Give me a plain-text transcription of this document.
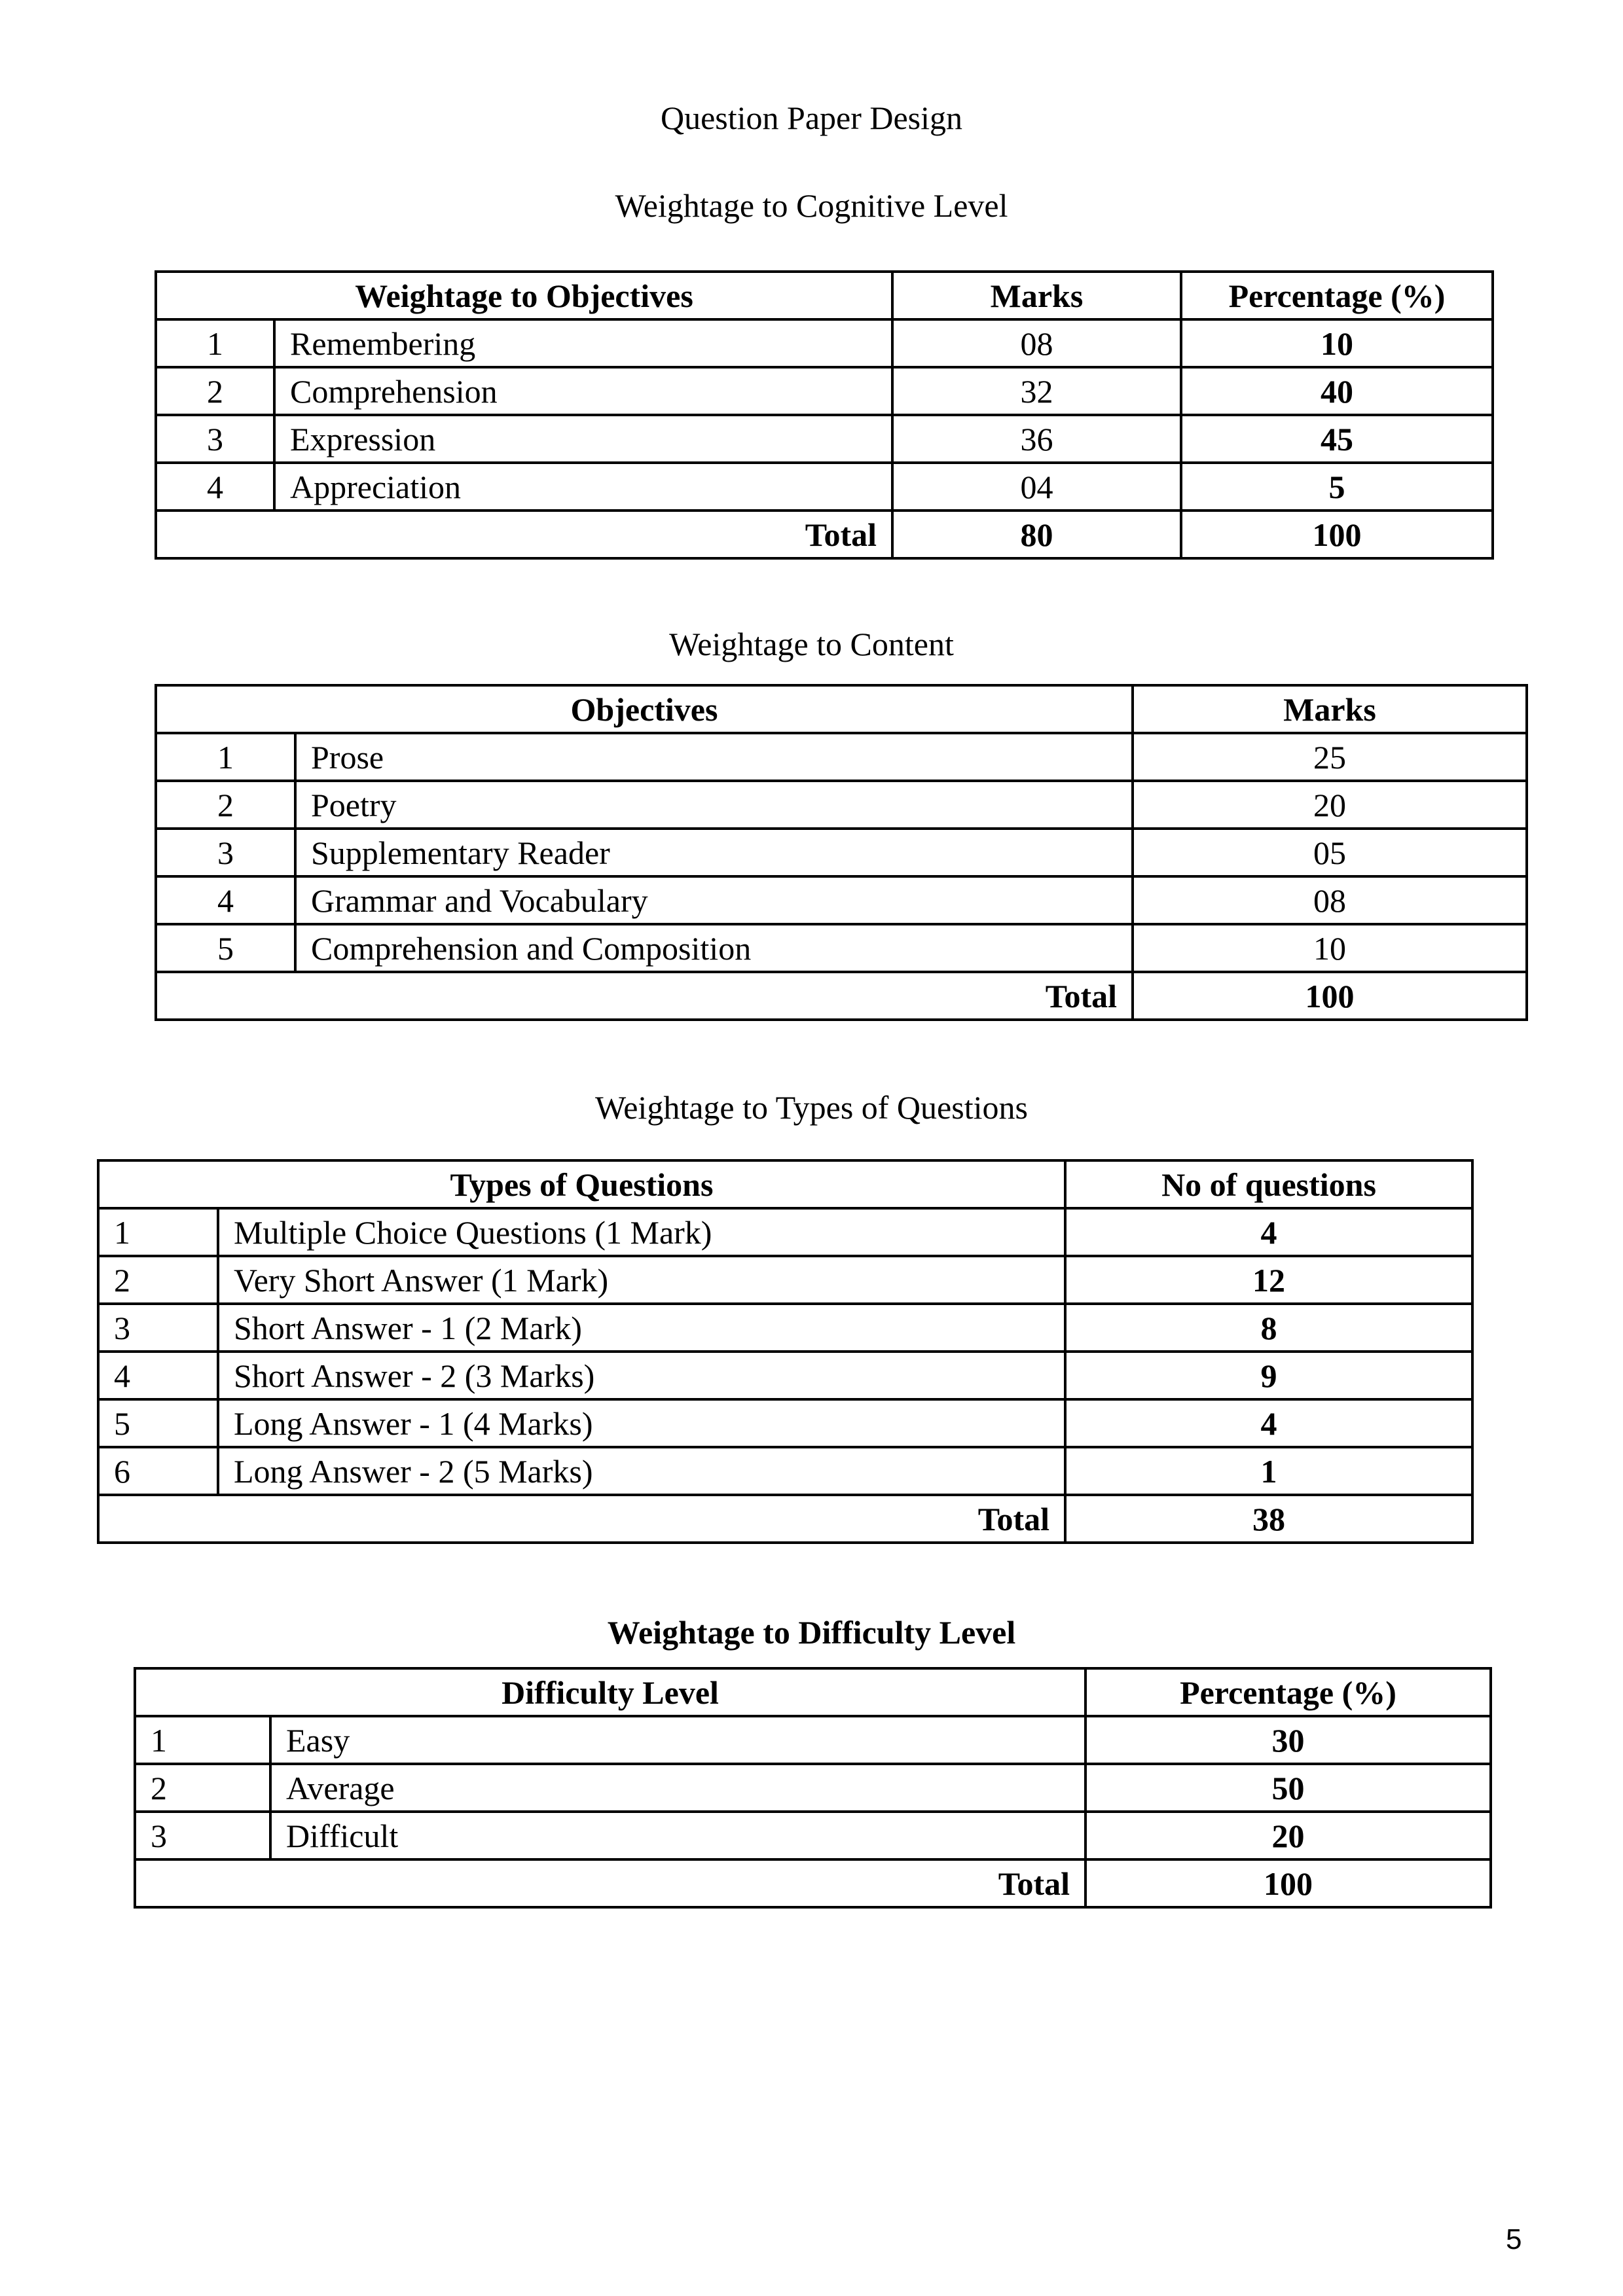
Question Paper Design
Weightage to Cognitive Level
Weightage to Objectives		Marks	Percentage (%)
1	Remembering	08	10
2	Comprehension	32	40
3	Expression	36	45
4	Appreciation	04	5
Total		80	100
Weightage to Content
Objectives		Marks
1	Prose	25
2	Poetry	20
3	Supplementary Reader	05
4	Grammar and Vocabulary	08
5	Comprehension and Composition	10
Total		100
Weightage to Types of Questions
Types of Questions		No of questions
1	Multiple Choice Questions (1 Mark)	4
2	Very Short Answer (1 Mark)	12
3	Short Answer - 1 (2 Mark)	8
4	Short Answer - 2 (3 Marks)	9
5	Long Answer - 1 (4 Marks)	4
6	Long Answer - 2 (5 Marks)	1
Total		38
Weightage to Difficulty Level
Difficulty Level		Percentage (%)
1	Easy	30
2	Average	50
3	Difficult	20
Total		100
5
